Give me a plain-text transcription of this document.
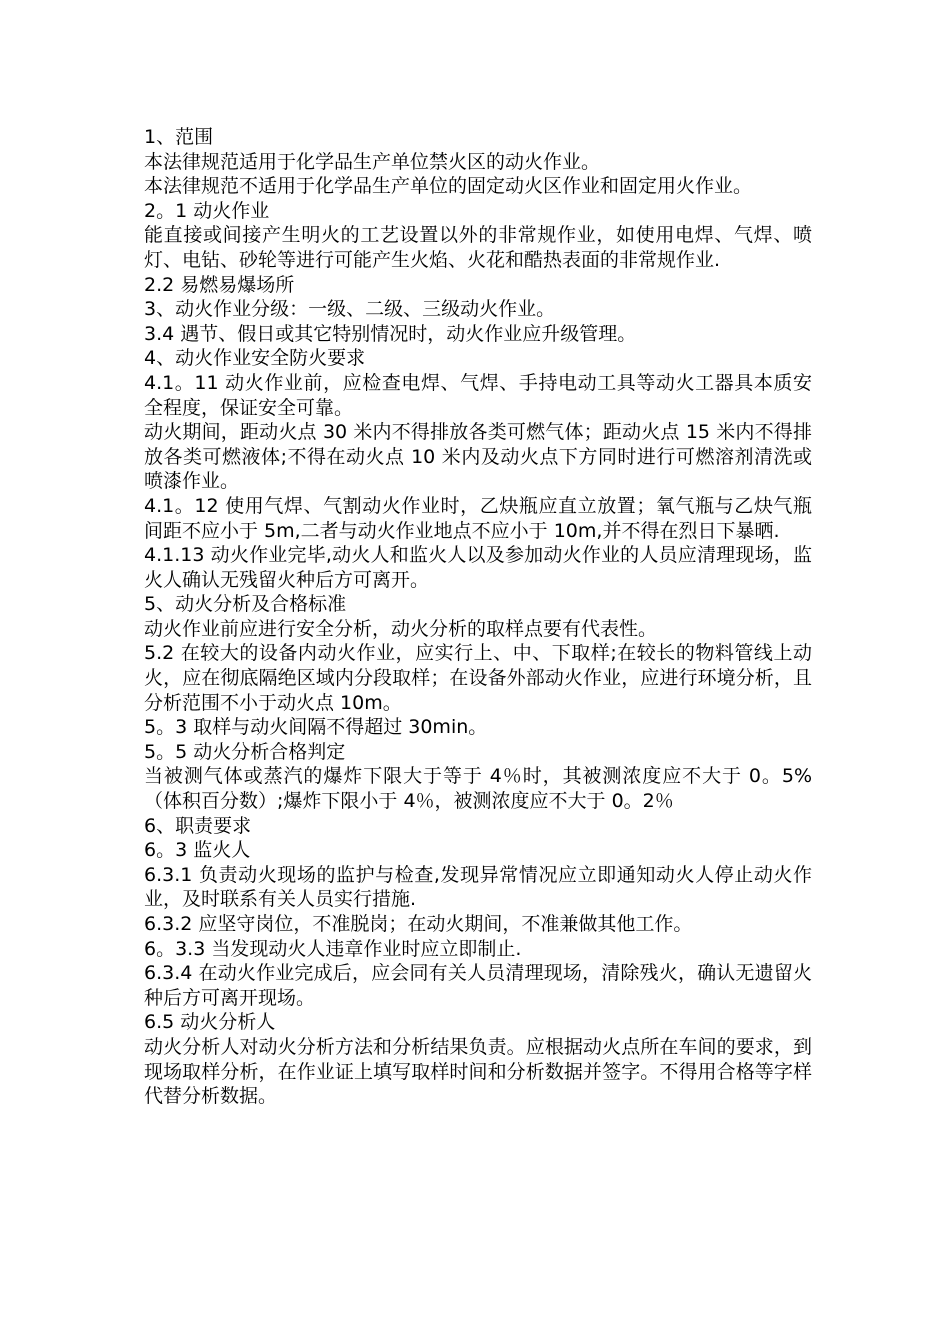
1、范围

本法律规范适用于化学品生产单位禁火区的动火作业。

本法律规范不适用于化学品生产单位的固定动火区作业和固定用火作业。

2。1 动火作业

能直接或间接产生明火的工艺设置以外的非常规作业，如使用电焊、气焊、喷灯、电钻、砂轮等进行可能产生火焰、火花和酷热表面的非常规作业.

2.2 易燃易爆场所

3、动火作业分级：一级、二级、三级动火作业。

3.4 遇节、假日或其它特别情况时，动火作业应升级管理。

4、动火作业安全防火要求

4.1。11 动火作业前，应检查电焊、气焊、手持电动工具等动火工器具本质安全程度，保证安全可靠。

动火期间，距动火点 30 米内不得排放各类可燃气体；距动火点 15 米内不得排放各类可燃液体;不得在动火点 10 米内及动火点下方同时进行可燃溶剂清洗或喷漆作业。

4.1。12 使用气焊、气割动火作业时，乙炔瓶应直立放置；氧气瓶与乙炔气瓶间距不应小于 5m,二者与动火作业地点不应小于 10m,并不得在烈日下暴晒.

4.1.13 动火作业完毕,动火人和监火人以及参加动火作业的人员应清理现场，监火人确认无残留火种后方可离开。

5、动火分析及合格标准

动火作业前应进行安全分析，动火分析的取样点要有代表性。

5.2 在较大的设备内动火作业，应实行上、中、下取样;在较长的物料管线上动火，应在彻底隔绝区域内分段取样；在设备外部动火作业，应进行环境分析，且分析范围不小于动火点 10m。

5。3 取样与动火间隔不得超过 30min。

5。5 动火分析合格判定

当被测气体或蒸汽的爆炸下限大于等于 4％时，其被测浓度应不大于 0。5%（体积百分数）;爆炸下限小于 4％，被测浓度应不大于 0。2％

6、职责要求

6。3 监火人

6.3.1 负责动火现场的监护与检查,发现异常情况应立即通知动火人停止动火作业，及时联系有关人员实行措施.

6.3.2 应坚守岗位，不准脱岗；在动火期间，不准兼做其他工作。

6。3.3 当发现动火人违章作业时应立即制止.

6.3.4 在动火作业完成后，应会同有关人员清理现场，清除残火，确认无遗留火种后方可离开现场。

6.5 动火分析人

动火分析人对动火分析方法和分析结果负责。应根据动火点所在车间的要求，到现场取样分析，在作业证上填写取样时间和分析数据并签字。不得用合格等字样代替分析数据。
